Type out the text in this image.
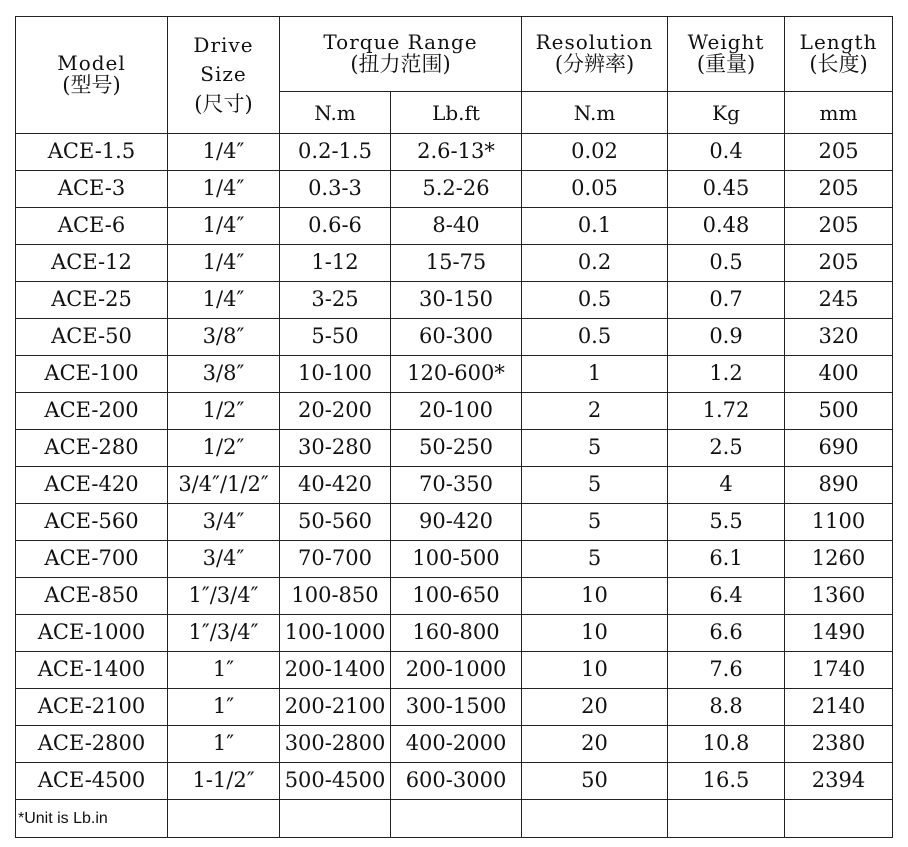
Model
(型号)	Drive
Size
(尺寸)	Torque Range
(扭力范围)		Resolution
(分辨率)	Weight
(重量)	Length
(长度)

		N.m	Lb.ft	N.m	Kg	mm
ACE-1.5	1/4″	0.2-1.5	2.6-13*	0.02	0.4	205
ACE-3	1/4″	0.3-3	5.2-26	0.05	0.45	205
ACE-6	1/4″	0.6-6	8-40	0.1	0.48	205
ACE-12	1/4″	1-12	15-75	0.2	0.5	205
ACE-25	1/4″	3-25	30-150	0.5	0.7	245
ACE-50	3/8″	5-50	60-300	0.5	0.9	320
ACE-100	3/8″	10-100	120-600*	1	1.2	400
ACE-200	1/2″	20-200	20-100	2	1.72	500
ACE-280	1/2″	30-280	50-250	5	2.5	690
ACE-420	3/4″/1/2″	40-420	70-350	5	4	890
ACE-560	3/4″	50-560	90-420	5	5.5	1100
ACE-700	3/4″	70-700	100-500	5	6.1	1260
ACE-850	1″/3/4″	100-850	100-650	10	6.4	1360
ACE-1000	1″/3/4″	100-1000	160-800	10	6.6	1490
ACE-1400	1″	200-1400	200-1000	10	7.6	1740
ACE-2100	1″	200-2100	300-1500	20	8.8	2140
ACE-2800	1″	300-2800	400-2000	20	10.8	2380
ACE-4500	1-1/2″	500-4500	600-3000	50	16.5	2394
*Unit is Lb.in						
